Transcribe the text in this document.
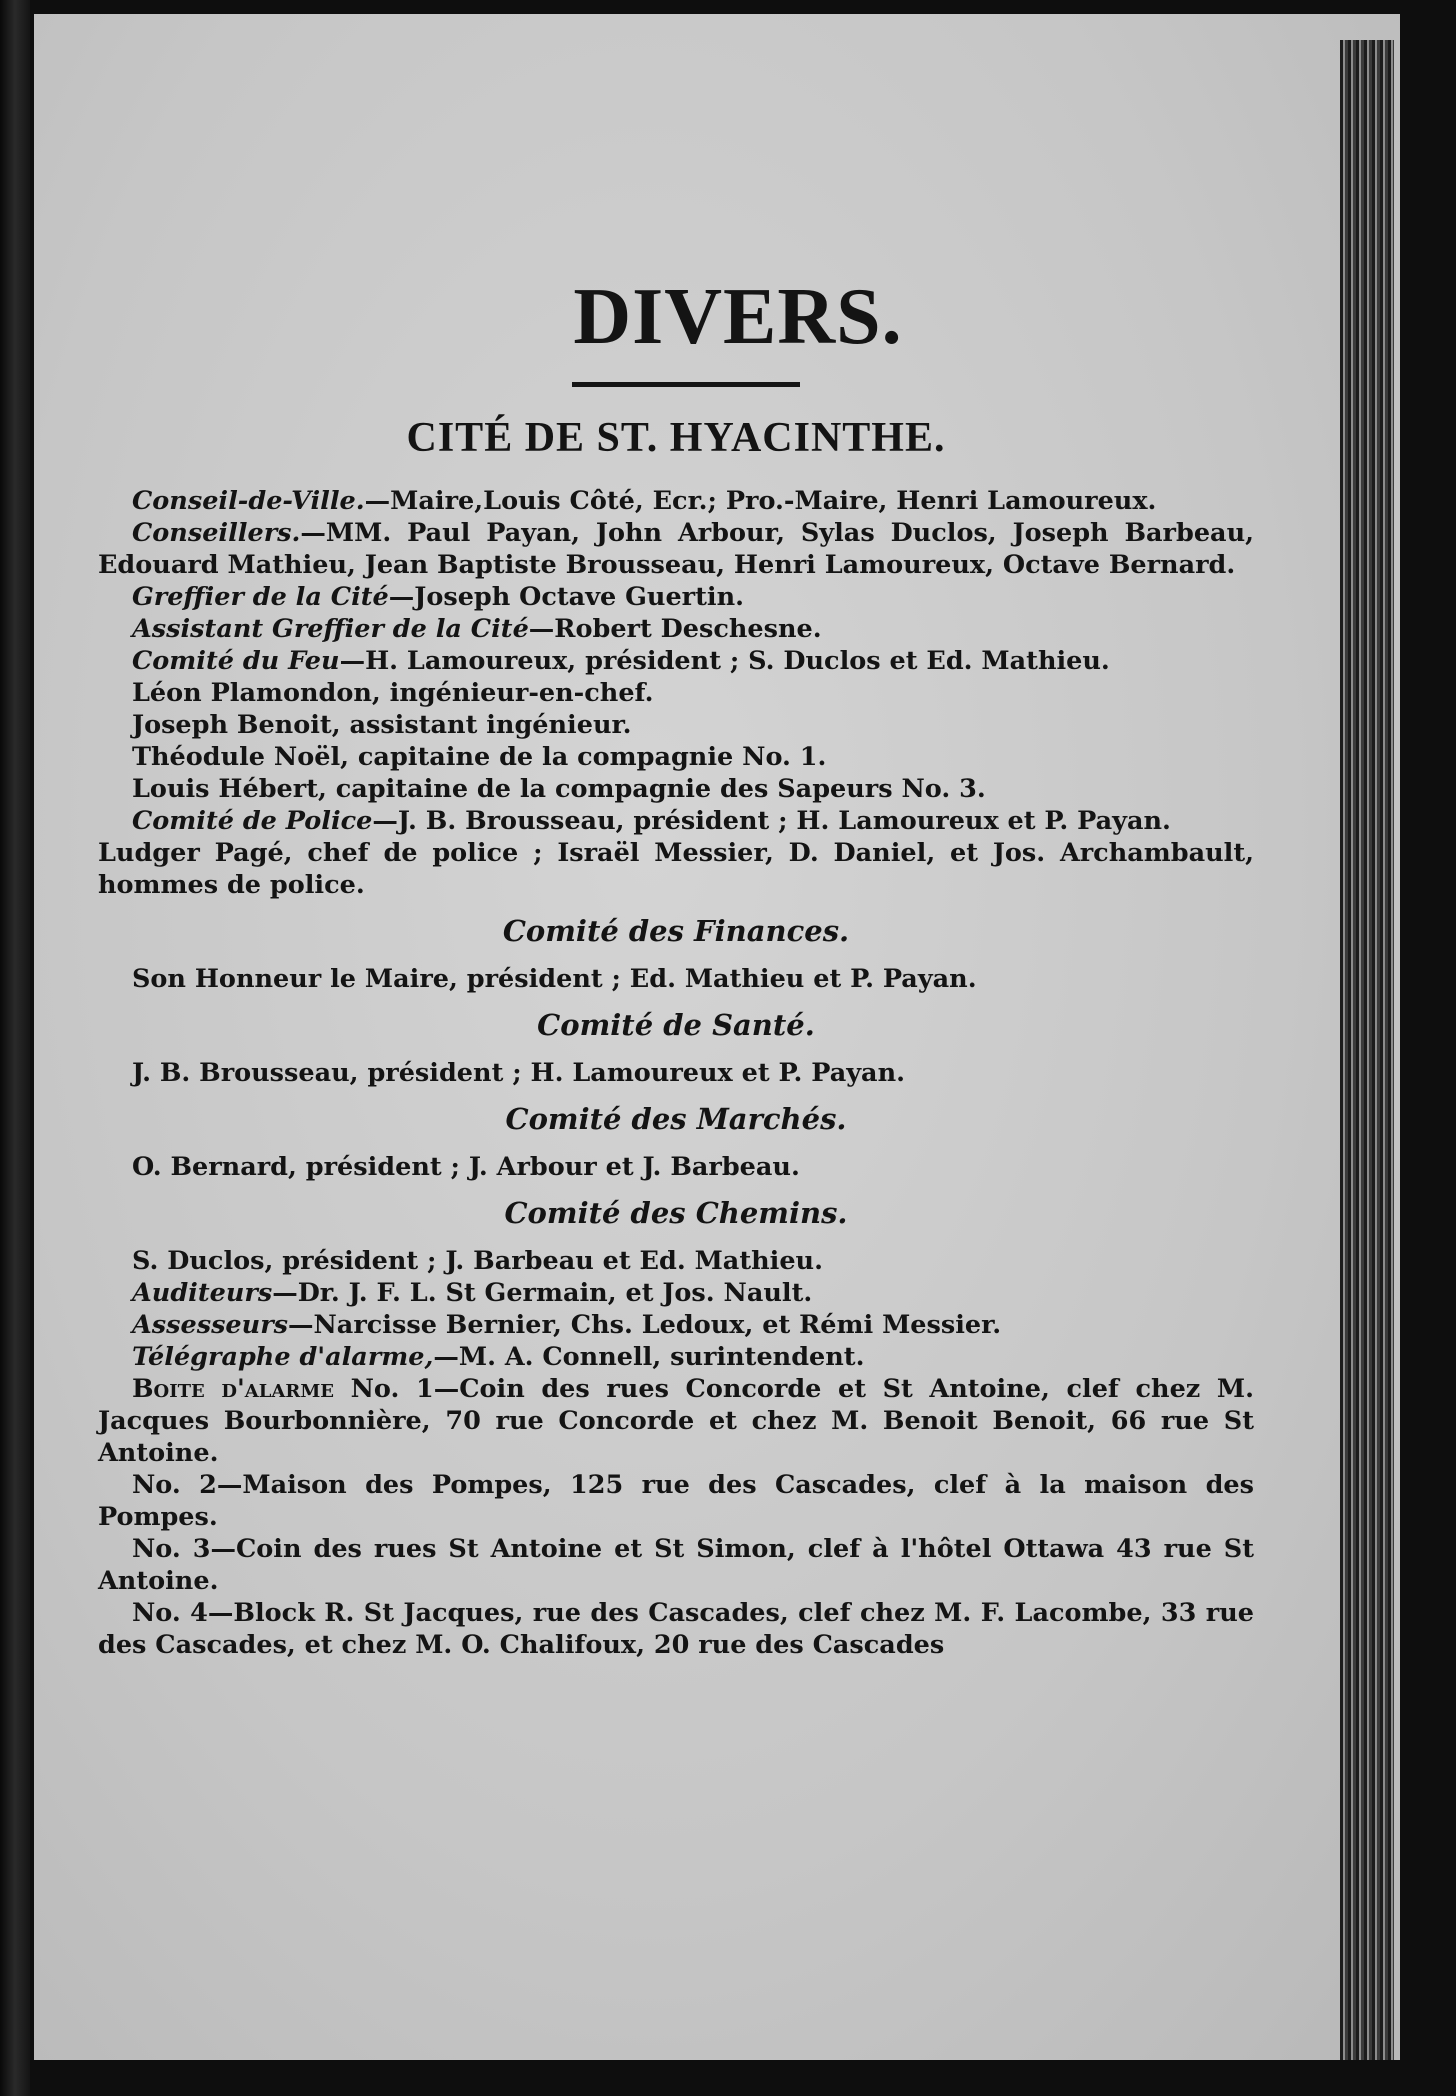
DIVERS.
CITÉ DE ST. HYACINTHE.

Conseil-de-Ville.—Maire,Louis Côté, Ecr.; Pro.-Maire, Henri Lamoureux.

Conseillers.—MM. Paul Payan, John Arbour, Sylas Duclos, Joseph Barbeau, Edouard Mathieu, Jean Baptiste Brousseau, Henri Lamoureux, Octave Bernard.

Greffier de la Cité—Joseph Octave Guertin.

Assistant Greffier de la Cité—Robert Deschesne.

Comité du Feu—H. Lamoureux, président ; S. Duclos et Ed. Mathieu.

Léon Plamondon, ingénieur-en-chef.

Joseph Benoit, assistant ingénieur.

Théodule Noël, capitaine de la compagnie No. 1.

Louis Hébert, capitaine de la compagnie des Sapeurs No. 3.

Comité de Police—J. B. Brousseau, président ; H. Lamoureux et P. Payan.

Ludger Pagé, chef de police ; Israël Messier, D. Daniel, et Jos. Archambault, hommes de police.

Comité des Finances.

Son Honneur le Maire, président ; Ed. Mathieu et P. Payan.

Comité de Santé.

J. B. Brousseau, président ; H. Lamoureux et P. Payan.

Comité des Marchés.

O. Bernard, président ; J. Arbour et J. Barbeau.

Comité des Chemins.

S. Duclos, président ; J. Barbeau et Ed. Mathieu.

Auditeurs—Dr. J. F. L. St Germain, et Jos. Nault.

Assesseurs—Narcisse Bernier, Chs. Ledoux, et Rémi Messier.

Télégraphe d'alarme,—M. A. Connell, surintendent.

Boite d'alarme No. 1—Coin des rues Concorde et St Antoine, clef chez M. Jacques Bourbonnière, 70 rue Concorde et chez M. Benoit Benoit, 66 rue St Antoine.

No. 2—Maison des Pompes, 125 rue des Cascades, clef à la maison des Pompes.

No. 3—Coin des rues St Antoine et St Simon, clef à l'hôtel Ottawa 43 rue St Antoine.

No. 4—Block R. St Jacques, rue des Cascades, clef chez M. F. Lacombe, 33 rue des Cascades, et chez M. O. Chalifoux, 20 rue des Cascades
